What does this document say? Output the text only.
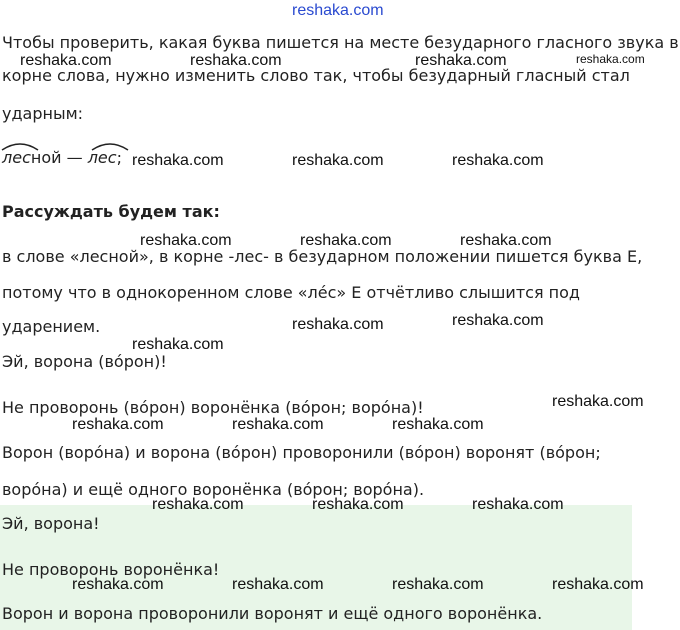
reshaka.com
Чтобы проверить, какая буква пишется на месте безударного гласного звука в
корне слова, нужно изменить слово так, чтобы безударный гласный стал
ударным:
лесной — лес;
Рассуждать будем так:
в слове «лесной», в корне -лес- в безударном положении пишется буква Е,
потому что в однокоренном слове «лéс» Е отчётливо слышится под
ударением.
Эй, ворона (вóрон)!
Не проворонь (вóрон) воронёнка (вóрон; ворóна)!
Ворон (ворóна) и ворона (вóрон) проворонили (вóрон) воронят (вóрон;
ворóна) и ещё одного воронёнка (вóрон; ворóна).
Эй, ворона!
Не проворонь воронёнка!
Ворон и ворона проворонили воронят и ещё одного воронёнка.
reshaka.com	reshaka.com	reshaka.com	reshaka.com
reshaka.com	reshaka.com	reshaka.com
reshaka.com	reshaka.com	reshaka.com
reshaka.com	reshaka.com
reshaka.com
reshaka.com
reshaka.com	reshaka.com	reshaka.com
reshaka.com	reshaka.com	reshaka.com
reshaka.com	reshaka.com	reshaka.com	reshaka.com
